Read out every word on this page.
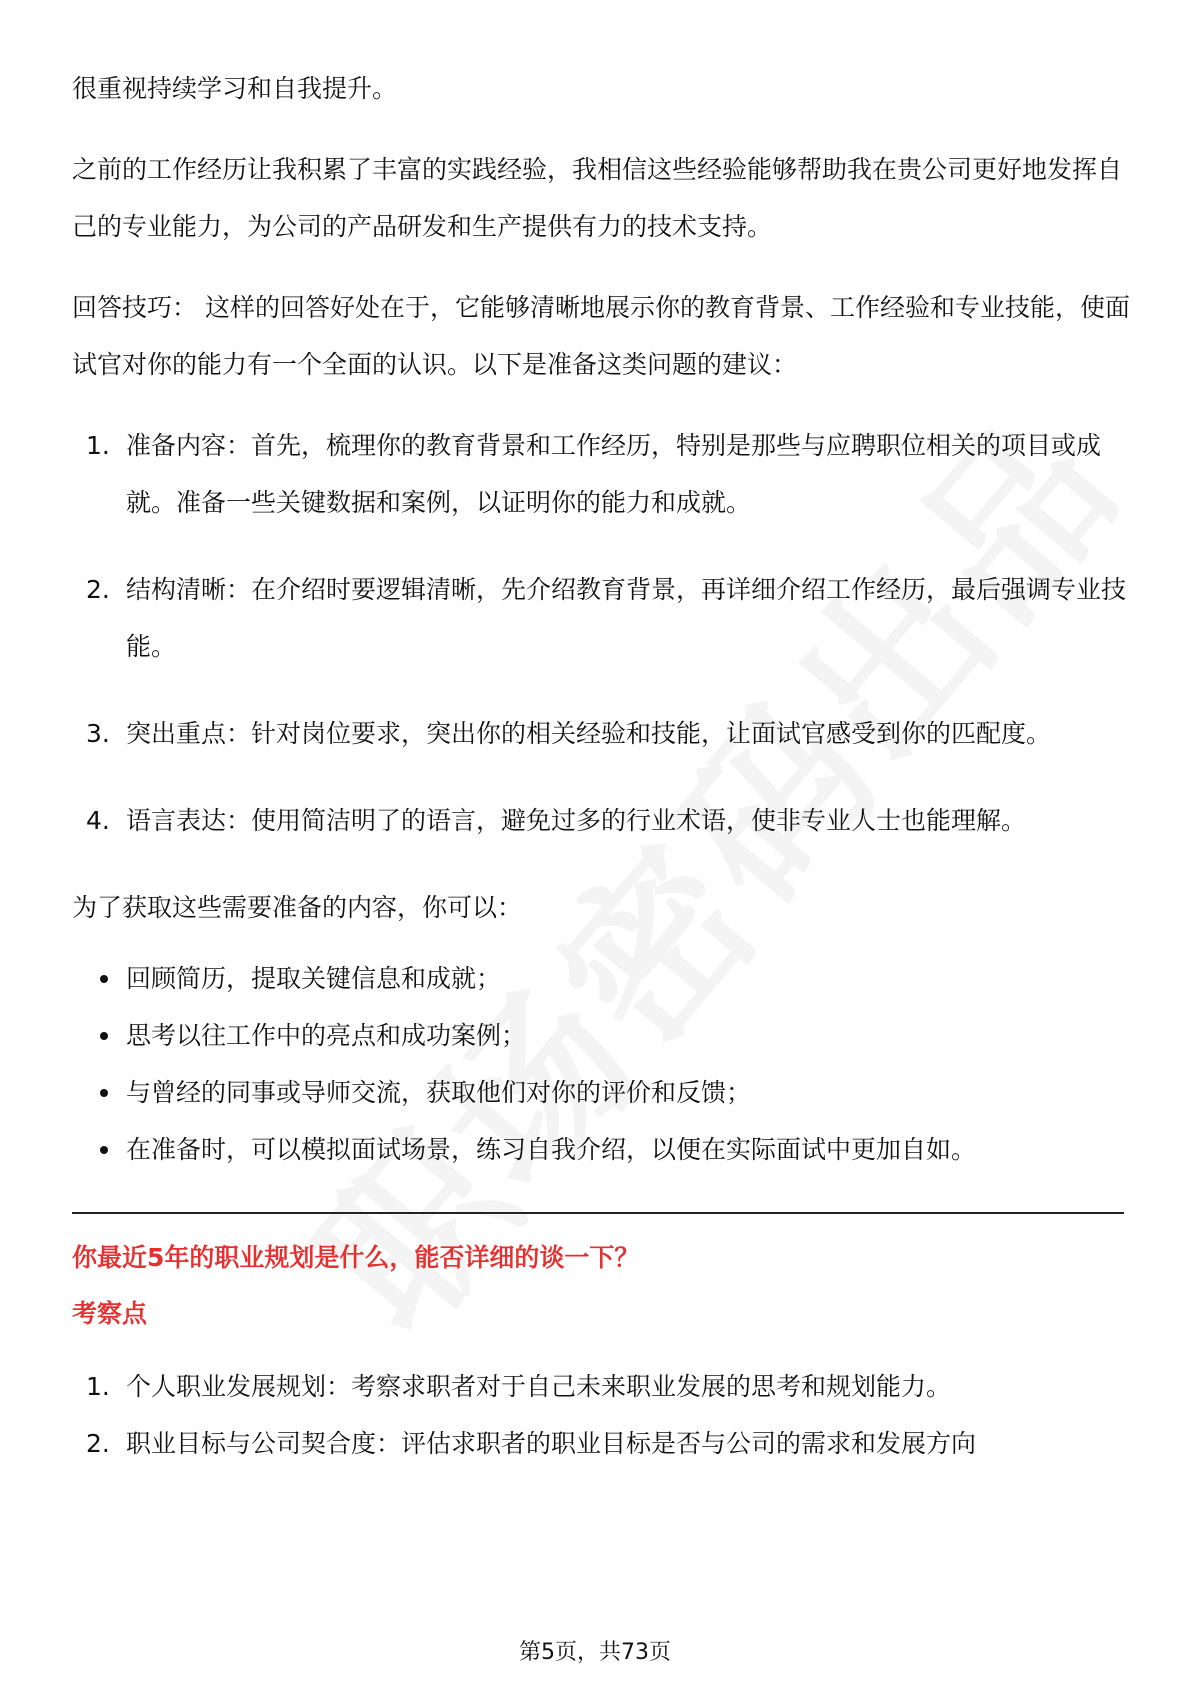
很重视持续学习和自我提升。

之前的工作经历让我积累了丰富的实践经验，我相信这些经验能够帮助我在贵公司更好地发挥自己的专业能力，为公司的产品研发和生产提供有力的技术支持。

回答技巧： 这样的回答好处在于，它能够清晰地展示你的教育背景、工作经验和专业技能，使面试官对你的能力有一个全面的认识。以下是准备这类问题的建议：

1. 准备内容：首先，梳理你的教育背景和工作经历，特别是那些与应聘职位相关的项目或成就。准备一些关键数据和案例，以证明你的能力和成就。
2. 结构清晰：在介绍时要逻辑清晰，先介绍教育背景，再详细介绍工作经历，最后强调专业技能。
3. 突出重点：针对岗位要求，突出你的相关经验和技能，让面试官感受到你的匹配度。
4. 语言表达：使用简洁明了的语言，避免过多的行业术语，使非专业人士也能理解。

为了获取这些需要准备的内容，你可以：

回顾简历，提取关键信息和成就；
思考以往工作中的亮点和成功案例；
与曾经的同事或导师交流，获取他们对你的评价和反馈；
在准备时，可以模拟面试场景，练习自我介绍，以便在实际面试中更加自如。

你最近5年的职业规划是什么，能否详细的谈一下？

考察点

1. 个人职业发展规划：考察求职者对于自己未来职业发展的思考和规划能力。
2. 职业目标与公司契合度：评估求职者的职业目标是否与公司的需求和发展方向
第5页，共73页
